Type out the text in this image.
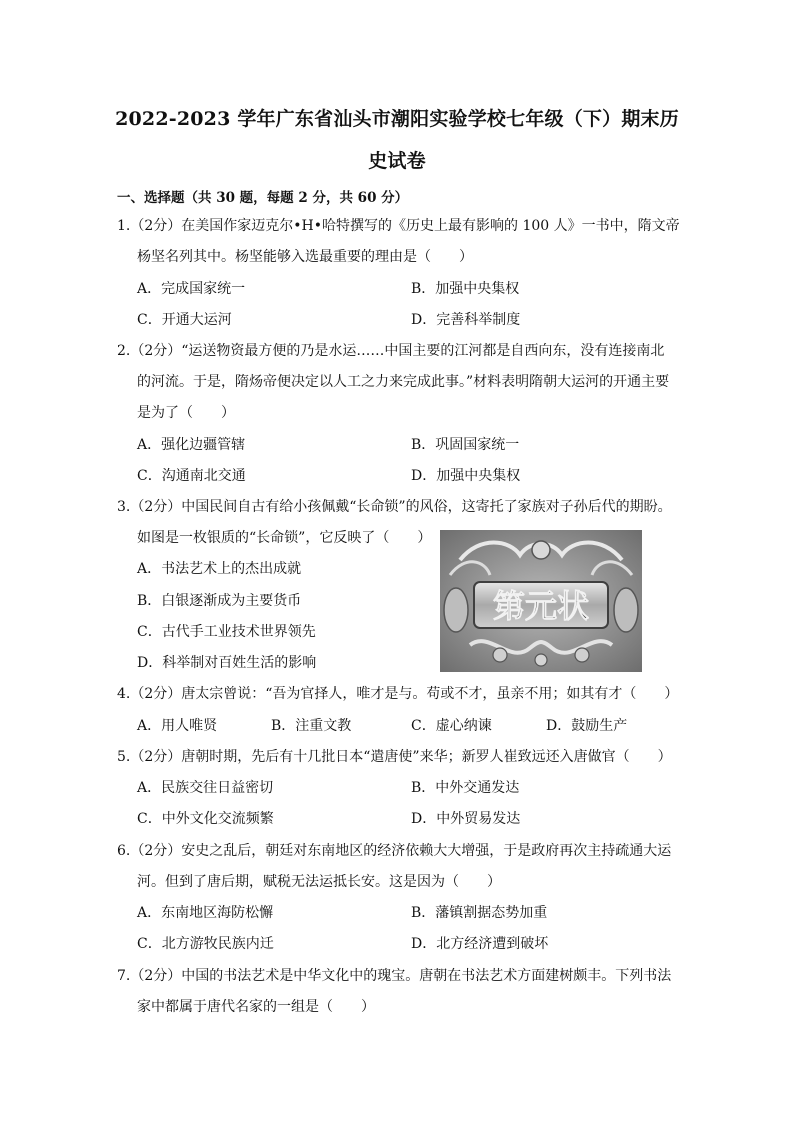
2022-2023 学年广东省汕头市潮阳实验学校七年级（下）期末历
史试卷
一、选择题（共 30 题，每题 2 分，共 60 分）
1.（2分）在美国作家迈克尔•H•哈特撰写的《历史上最有影响的 100 人》一书中，隋文帝
杨坚名列其中。杨坚能够入选最重要的理由是（　　）
A．完成国家统一	B．加强中央集权
C．开通大运河	D．完善科举制度
2.（2分）“运送物资最方便的乃是水运……中国主要的江河都是自西向东，没有连接南北
的河流。于是，隋炀帝便决定以人工之力来完成此事。”材料表明隋朝大运河的开通主要
是为了（　　）
A．强化边疆管辖	B．巩固国家统一
C．沟通南北交通	D．加强中央集权
3.（2分）中国民间自古有给小孩佩戴“长命锁”的风俗，这寄托了家族对子孙后代的期盼。
如图是一枚银质的“长命锁”，它反映了（　　）
A．书法艺术上的杰出成就
B．白银逐渐成为主要货币
C．古代手工业技术世界领先
D．科举制对百姓生活的影响
第元状
4.（2分）唐太宗曾说：“吾为官择人，唯才是与。苟或不才，虽亲不用；如其有才（　　）
A．用人唯贤	B．注重文教	C．虚心纳谏	D．鼓励生产
5.（2分）唐朝时期，先后有十几批日本“遣唐使”来华；新罗人崔致远还入唐做官（　　）
A．民族交往日益密切	B．中外交通发达
C．中外文化交流频繁	D．中外贸易发达
6.（2分）安史之乱后，朝廷对东南地区的经济依赖大大增强，于是政府再次主持疏通大运
河。但到了唐后期，赋税无法运抵长安。这是因为（　　）
A．东南地区海防松懈	B．藩镇割据态势加重
C．北方游牧民族内迁	D．北方经济遭到破坏
7.（2分）中国的书法艺术是中华文化中的瑰宝。唐朝在书法艺术方面建树颇丰。下列书法
家中都属于唐代名家的一组是（　　）
